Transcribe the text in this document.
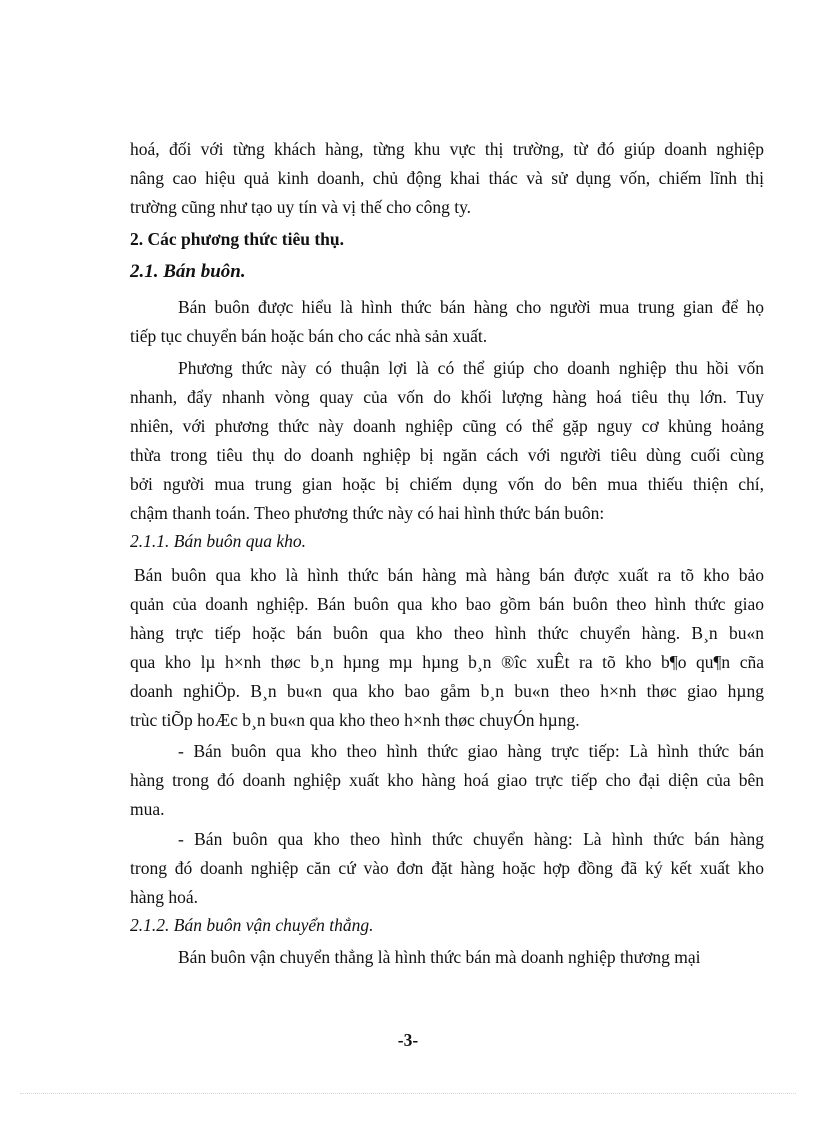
hoá, đối với từng khách hàng, từng khu vực thị trường, từ đó giúp doanh nghiệp
nâng cao hiệu quả kinh doanh, chủ động khai thác và sử dụng vốn, chiếm lĩnh thị
trường cũng như tạo uy tín và vị thế cho công ty.
2. Các phương thức tiêu thụ.
2.1. Bán buôn.
Bán buôn được hiểu là hình thức bán hàng cho người mua trung gian để họ
tiếp tục chuyển bán hoặc bán cho các nhà sản xuất.
Phương thức này có thuận lợi là có thể giúp cho doanh nghiệp thu hồi vốn
nhanh, đẩy nhanh vòng quay của vốn do khối lượng hàng hoá tiêu thụ lớn. Tuy
nhiên, với phương thức này doanh nghiệp cũng có thể gặp nguy cơ khủng hoảng
thừa trong tiêu thụ do doanh nghiệp bị ngăn cách với người tiêu dùng cuối cùng
bởi người mua trung gian hoặc bị chiếm dụng vốn do bên mua thiếu thiện chí,
chậm thanh toán. Theo phương thức này có hai hình thức bán buôn:
2.1.1. Bán buôn qua kho.
Bán buôn qua kho là hình thức bán hàng mà hàng bán được xuất ra tõ kho bảo
quản của doanh nghiệp. Bán buôn qua kho bao gồm bán buôn theo hình thức giao
hàng trực tiếp hoặc bán buôn qua kho theo hình thức chuyển hàng. B¸n bu«n
qua kho lµ h×nh thøc b¸n hµng mµ hµng b¸n ®îc xuÊt ra tõ kho b¶o qu¶n cña
doanh nghiÖp. B¸n bu«n qua kho bao gåm b¸n bu«n theo h×nh thøc giao hµng
trùc tiÕp hoÆc b¸n bu«n qua kho theo h×nh thøc chuyÓn hµng.
- Bán buôn qua kho theo hình thức giao hàng trực tiếp: Là hình thức bán
hàng trong đó doanh nghiệp xuất kho hàng hoá giao trực tiếp cho đại diện của bên
mua.
- Bán buôn qua kho theo hình thức chuyển hàng: Là hình thức bán hàng
trong đó doanh nghiệp căn cứ vào đơn đặt hàng hoặc hợp đồng đã ký kết xuất kho
hàng hoá.
2.1.2. Bán buôn vận chuyển thẳng.
Bán buôn vận chuyển thẳng là hình thức bán mà doanh nghiệp thương mại
-3-
